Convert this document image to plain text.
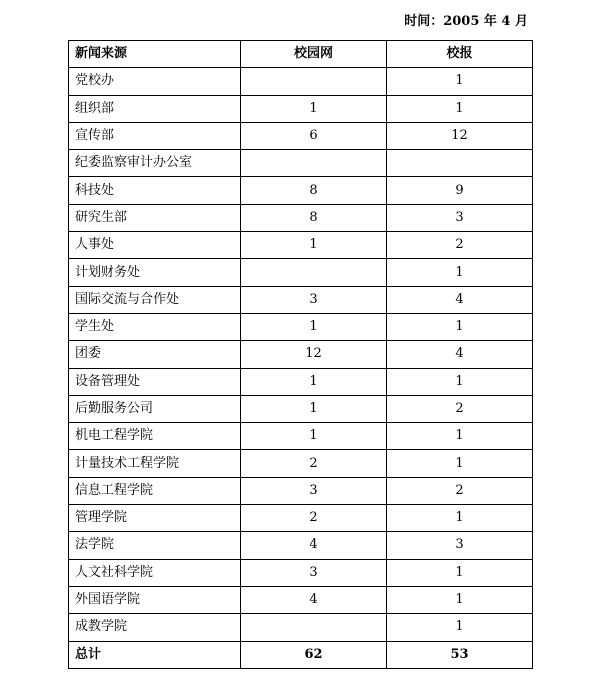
时间：2005 年 4 月
新闻来源	校园网	校报
党校办		1
组织部	1	1
宣传部	6	12
纪委监察审计办公室		
科技处	8	9
研究生部	8	3
人事处	1	2
计划财务处		1
国际交流与合作处	3	4
学生处	1	1
团委	12	4
设备管理处	1	1
后勤服务公司	1	2
机电工程学院	1	1
计量技术工程学院	2	1
信息工程学院	3	2
管理学院	2	1
法学院	4	3
人文社科学院	3	1
外国语学院	4	1
成教学院		1
总计	62	53
